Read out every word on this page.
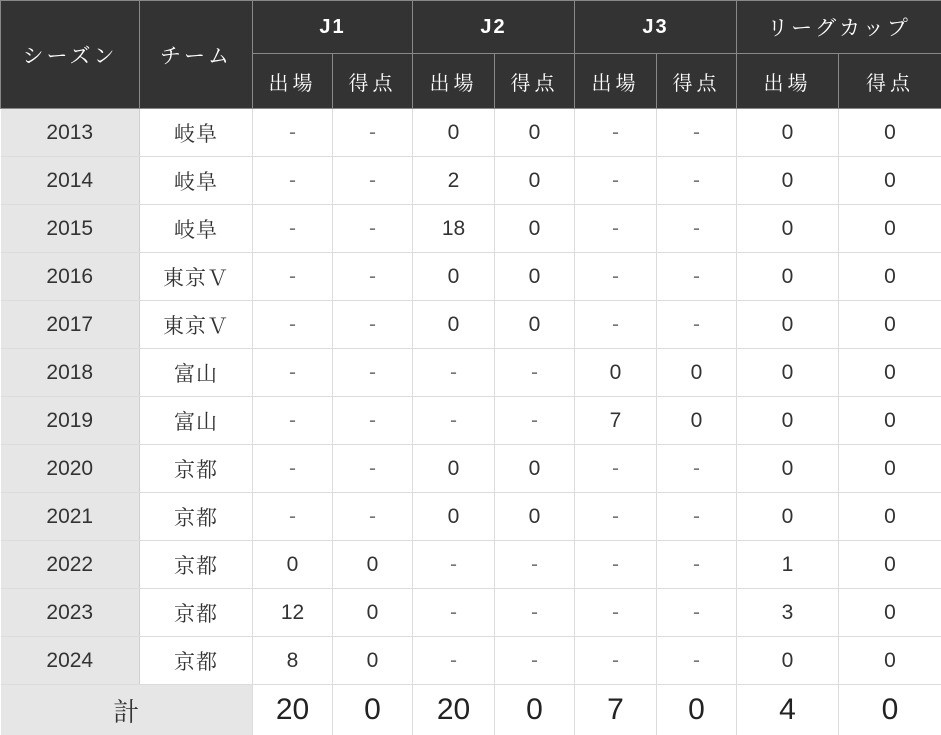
シーズン	チーム	J1		J2		J3		リーグカップ	
		出場	得点	出場	得点	出場	得点	出場	得点
2013	岐阜	-	-	0	0	-	-	0	0
2014	岐阜	-	-	2	0	-	-	0	0
2015	岐阜	-	-	18	0	-	-	0	0
2016	東京Ｖ	-	-	0	0	-	-	0	0
2017	東京Ｖ	-	-	0	0	-	-	0	0
2018	富山	-	-	-	-	0	0	0	0
2019	富山	-	-	-	-	7	0	0	0
2020	京都	-	-	0	0	-	-	0	0
2021	京都	-	-	0	0	-	-	0	0
2022	京都	0	0	-	-	-	-	1	0
2023	京都	12	0	-	-	-	-	3	0
2024	京都	8	0	-	-	-	-	0	0
計		20	0	20	0	7	0	4	0
